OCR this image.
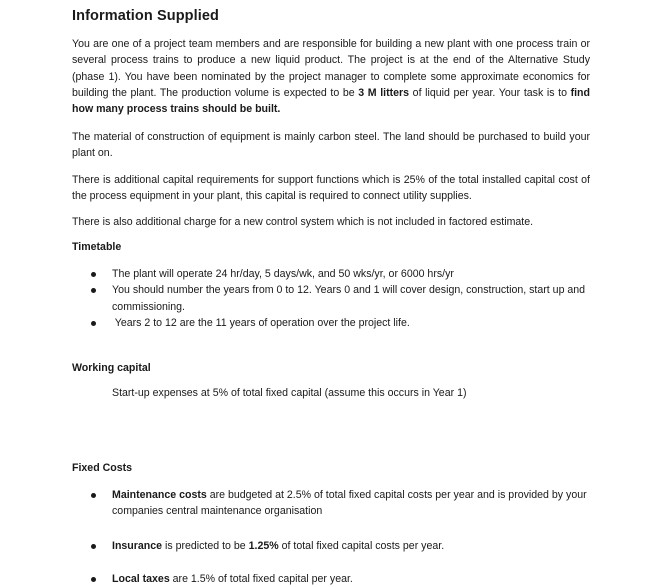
Information Supplied

You are one of a project team members and are responsible for building a new plant with one process train or several process trains to produce a new liquid product. The project is at the end of the Alternative Study (phase 1). You have been nominated by the project manager to complete some approximate economics for building the plant. The production volume is expected to be 3 M litters of liquid per year. Your task is to find how many process trains should be built.

The material of construction of equipment is mainly carbon steel. The land should be purchased to build your plant on.

There is additional capital requirements for support functions which is 25% of the total installed capital cost of the process equipment in your plant, this capital is required to connect utility supplies.

There is also additional charge for a new control system which is not included in factored estimate.

Timetable
The plant will operate 24 hr/day, 5 days/wk, and 50 wks/yr, or 6000 hrs/yr
You should number the years from 0 to 12. Years 0 and 1 will cover design, construction, start up and commissioning.
Years 2 to 12 are the 11 years of operation over the project life.
Working capital

Start-up expenses at 5% of total fixed capital (assume this occurs in Year 1)

Fixed Costs
Maintenance costs are budgeted at 2.5% of total fixed capital costs per year and is provided by your companies central maintenance organisation
Insurance is predicted to be 1.25% of total fixed capital costs per year.
Local taxes are 1.5% of total fixed capital per year.
